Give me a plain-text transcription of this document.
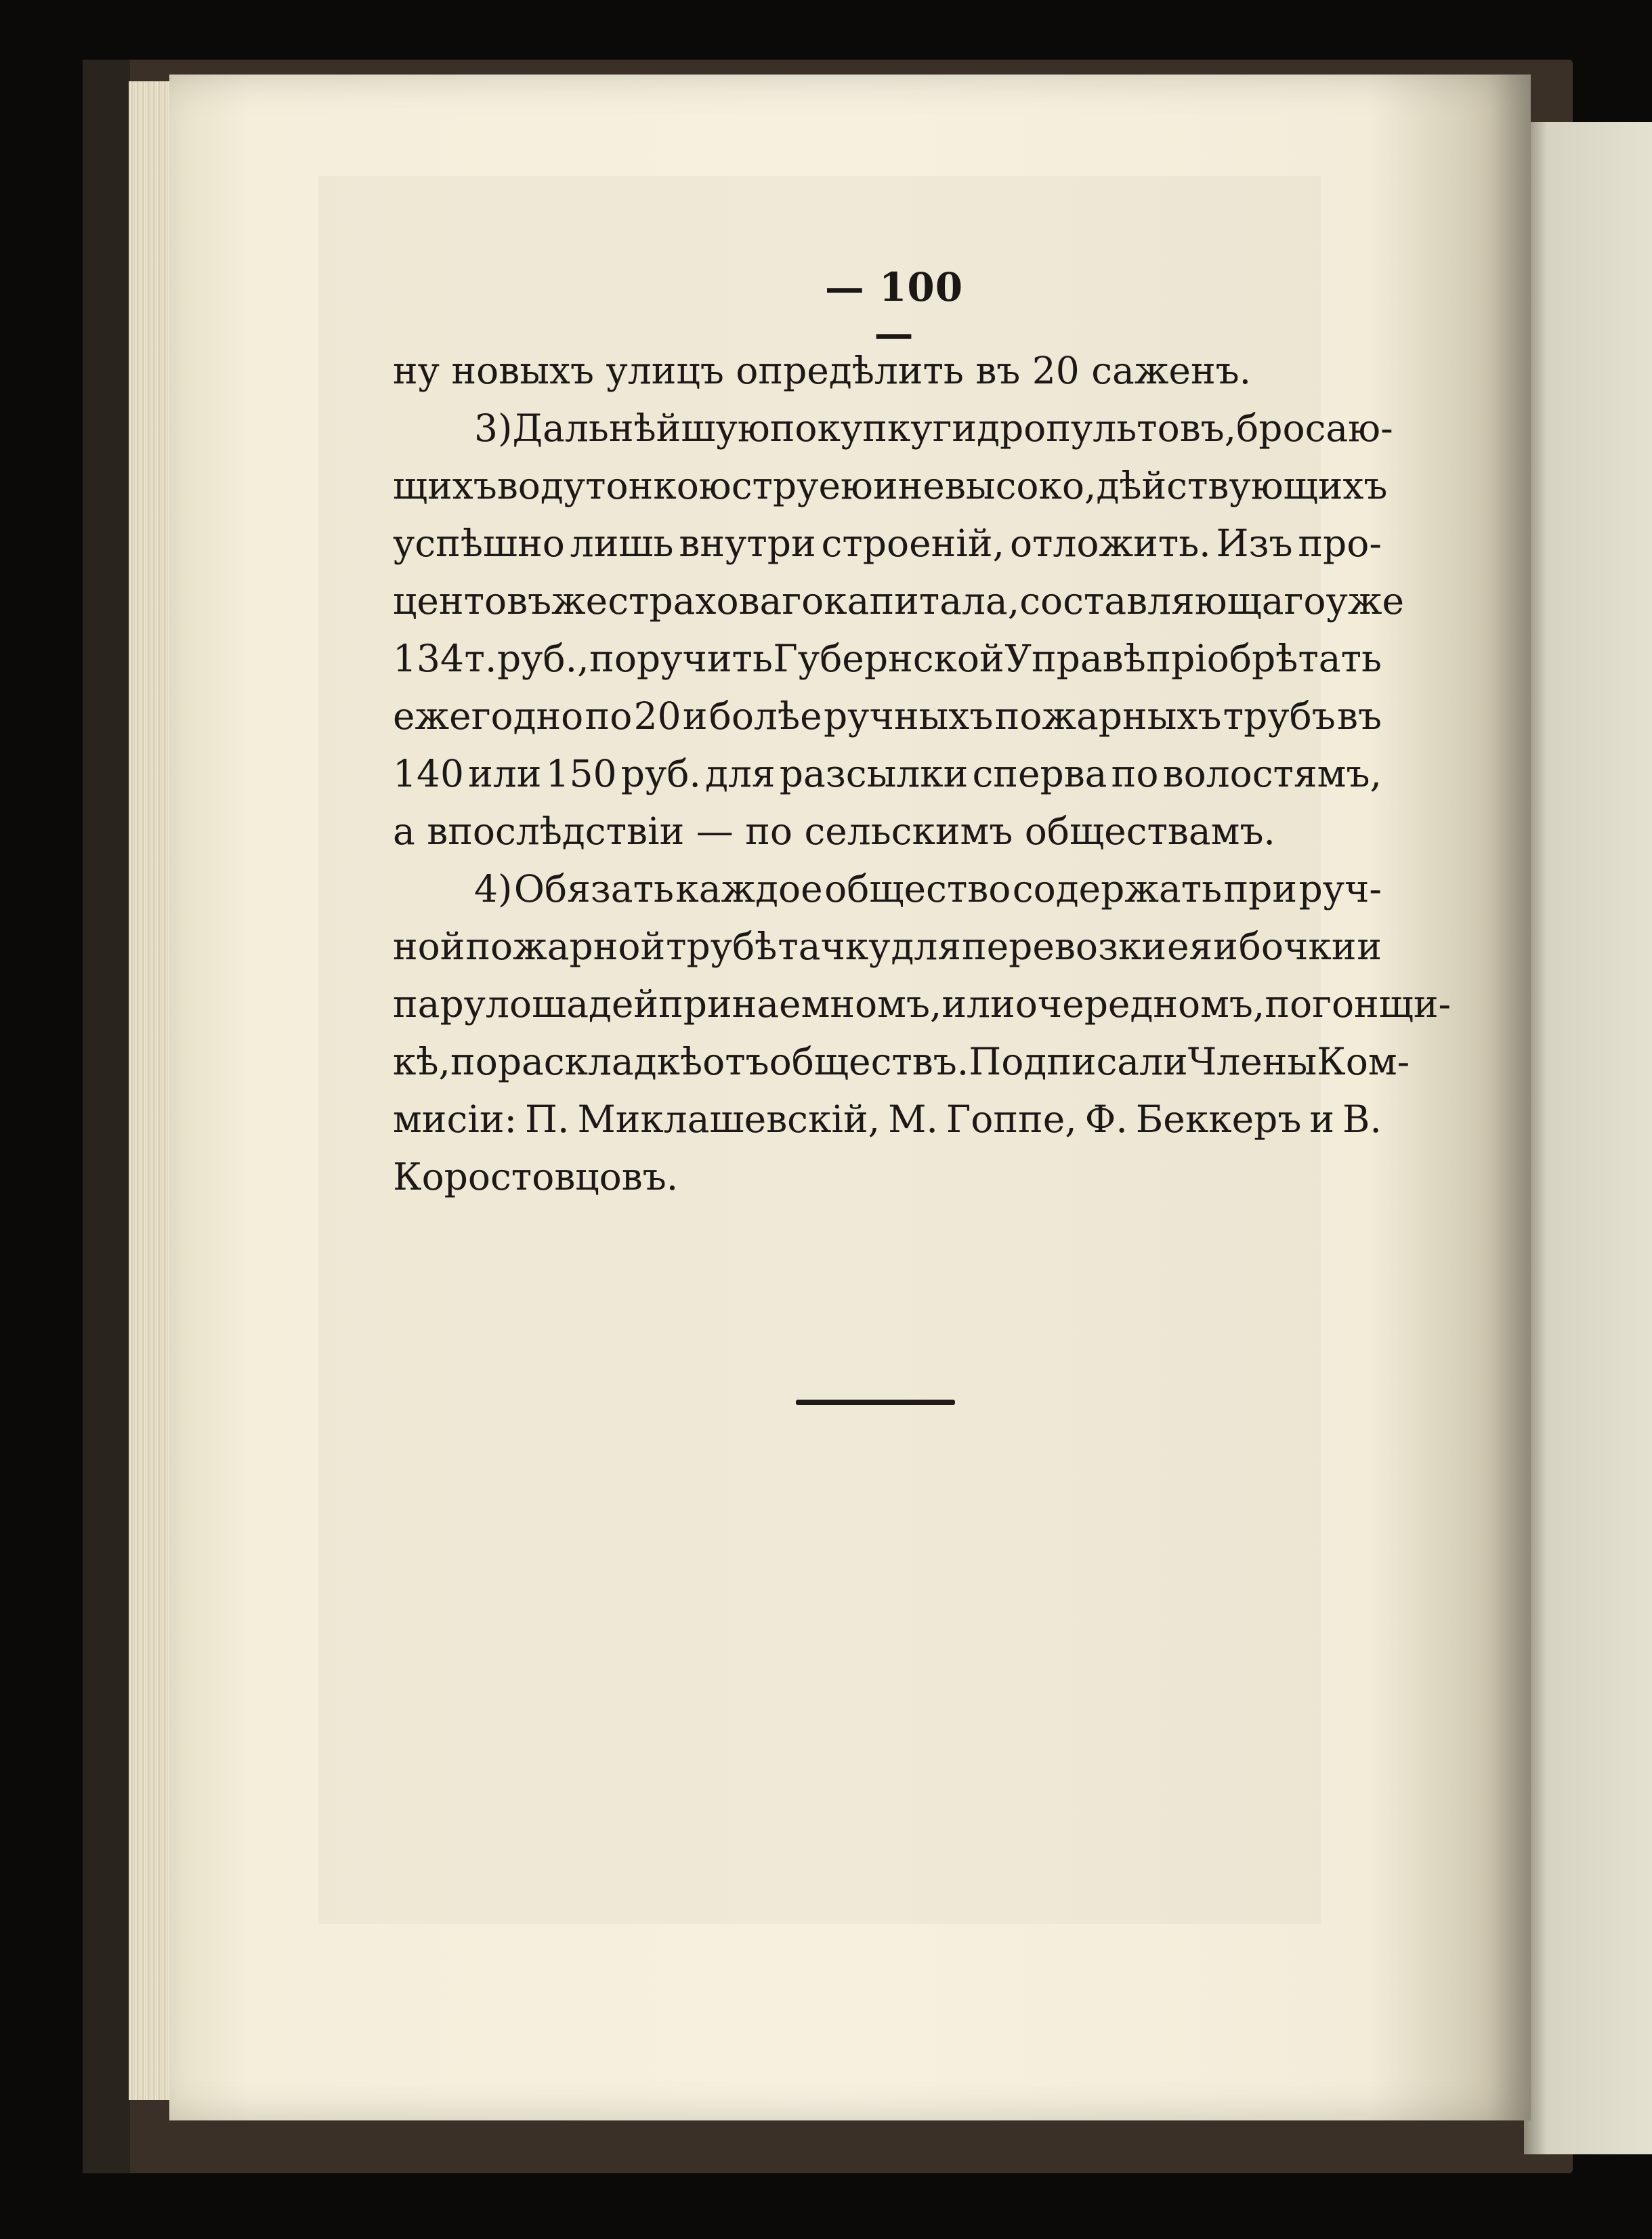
— 100 —
ну новыхъ улицъ опредѣлить въ 20 саженъ.
3) Дальнѣйшую покупку гидропультовъ, бросаю-
щихъ воду тонкою струею и не высоко, дѣйствующихъ
успѣшно лишь внутри строеній, отложить. Изъ про-
центовъ же страховаго капитала, составляющаго уже
134 т. руб., поручить Губернской Управѣ пріобрѣтать
ежегодно по 20 и болѣе ручныхъ пожарныхъ трубъ въ
140 или 150 руб. для разсылки сперва по волостямъ,
а впослѣдствіи — по сельскимъ обществамъ.
4) Обязать каждое общество содержать при руч-
ной пожарной трубѣ тачку для перевозки ея и бочки и
пару лошадей при наемномъ, или очередномъ, погонщи-
кѣ, по раскладкѣ отъ обществъ. Подписали Члены Ком-
мисіи: П. Миклашевскій, М. Гоппе, Ф. Беккеръ и В.
Коростовцовъ.
